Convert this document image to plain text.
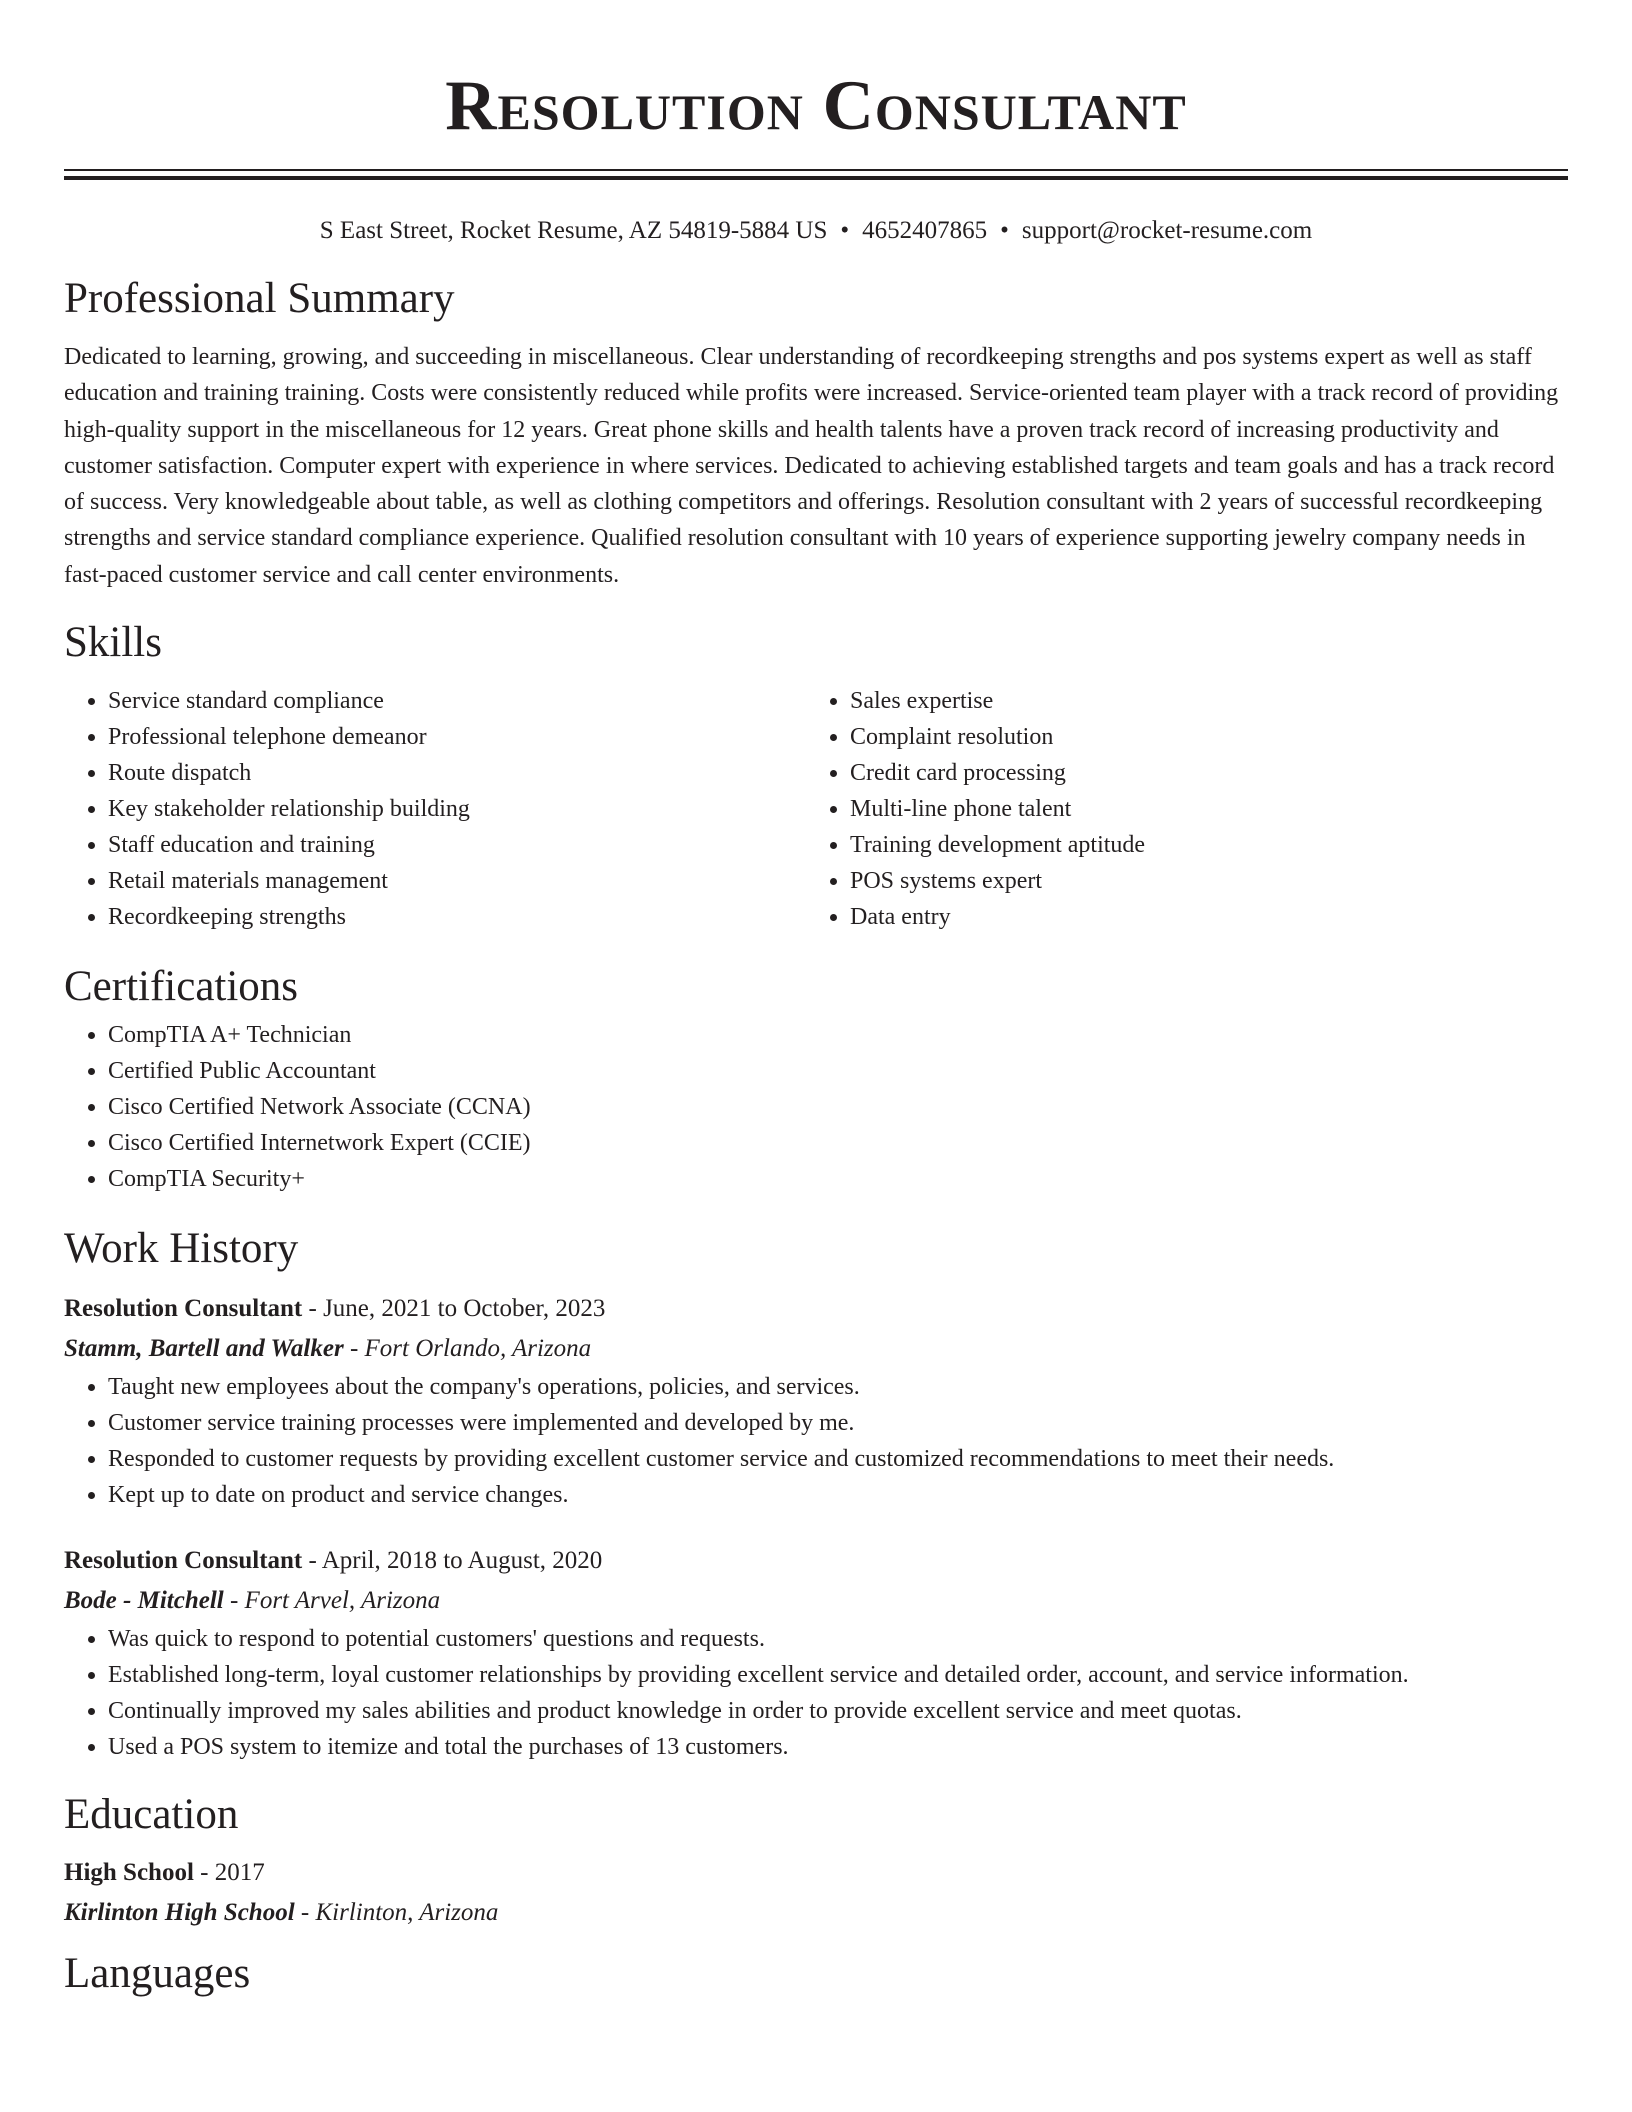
Resolution Consultant
S East Street, Rocket Resume, AZ 54819-5884 US • 4652407865 • support@rocket-resume.com
Professional Summary
Dedicated to learning, growing, and succeeding in miscellaneous. Clear understanding of recordkeeping strengths and pos systems expert as well as staff education and training training. Costs were consistently reduced while profits were increased. Service-oriented team player with a track record of providing high-quality support in the miscellaneous for 12 years. Great phone skills and health talents have a proven track record of increasing productivity and customer satisfaction. Computer expert with experience in where services. Dedicated to achieving established targets and team goals and has a track record of success. Very knowledgeable about table, as well as clothing competitors and offerings. Resolution consultant with 2 years of successful recordkeeping strengths and service standard compliance experience. Qualified resolution consultant with 10 years of experience supporting jewelry company needs in fast-paced customer service and call center environments.
Skills
• Service standard compliance
• Professional telephone demeanor
• Route dispatch
• Key stakeholder relationship building
• Staff education and training
• Retail materials management
• Recordkeeping strengths
• Sales expertise
• Complaint resolution
• Credit card processing
• Multi-line phone talent
• Training development aptitude
• POS systems expert
• Data entry
Certifications
• CompTIA A+ Technician
• Certified Public Accountant
• Cisco Certified Network Associate (CCNA)
• Cisco Certified Internetwork Expert (CCIE)
• CompTIA Security+
Work History
Resolution Consultant - June, 2021 to October, 2023
Stamm, Bartell and Walker - Fort Orlando, Arizona
• Taught new employees about the company's operations, policies, and services.
• Customer service training processes were implemented and developed by me.
• Responded to customer requests by providing excellent customer service and customized recommendations to meet their needs.
• Kept up to date on product and service changes.
Resolution Consultant - April, 2018 to August, 2020
Bode - Mitchell - Fort Arvel, Arizona
• Was quick to respond to potential customers' questions and requests.
• Established long-term, loyal customer relationships by providing excellent service and detailed order, account, and service information.
• Continually improved my sales abilities and product knowledge in order to provide excellent service and meet quotas.
• Used a POS system to itemize and total the purchases of 13 customers.
Education
High School - 2017
Kirlinton High School - Kirlinton, Arizona
Languages
